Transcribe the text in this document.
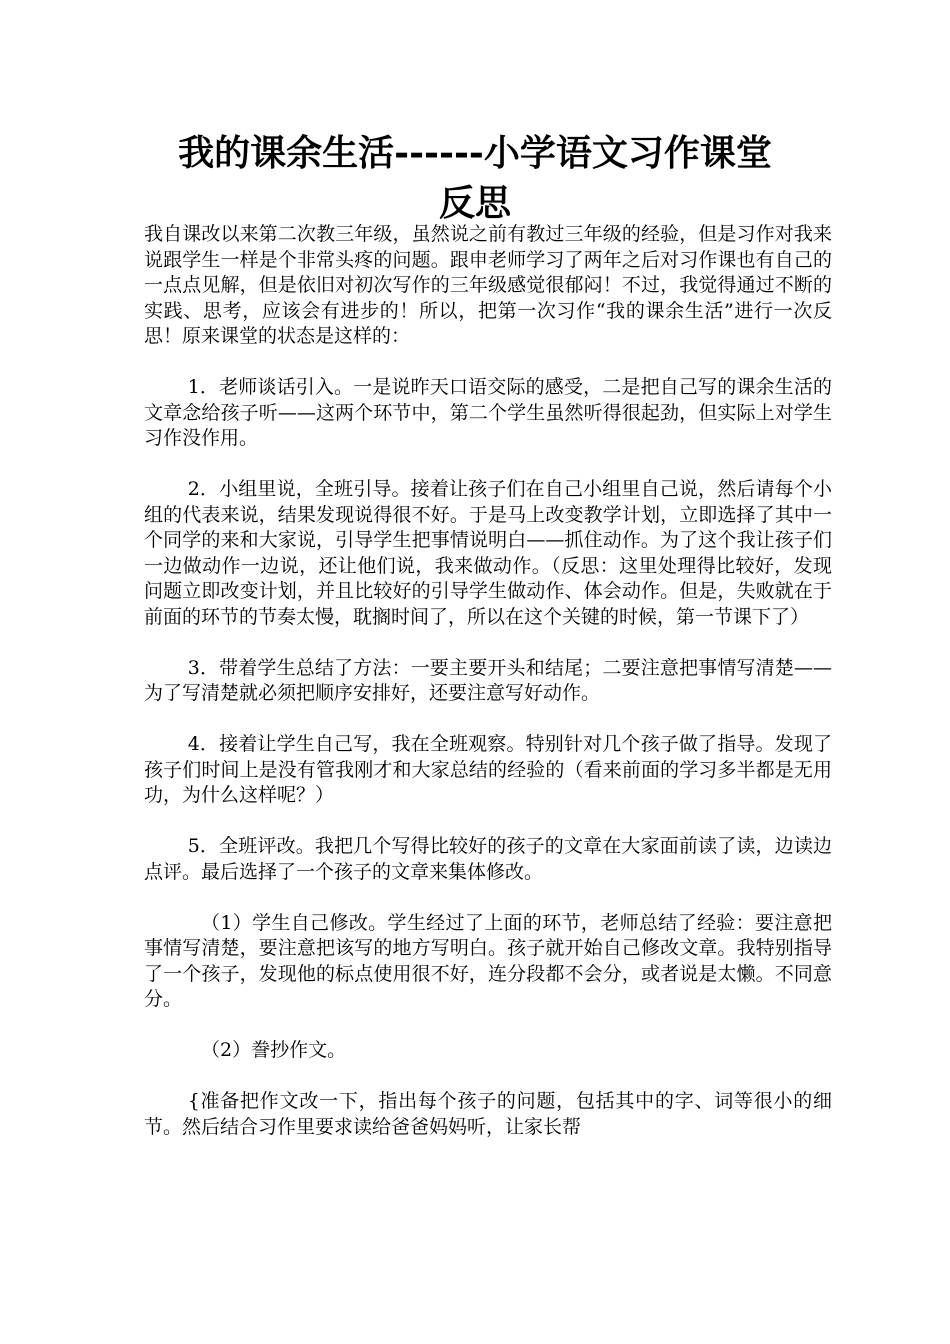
我的课余生活------小学语文习作课堂
反思

我自课改以来第二次教三年级，虽然说之前有教过三年级的经验，但是习作对我来说跟学生一样是个非常头疼的问题。跟申老师学习了两年之后对习作课也有自己的一点点见解，但是依旧对初次写作的三年级感觉很郁闷！不过，我觉得通过不断的实践、思考，应该会有进步的！所以，把第一次习作“我的课余生活”进行一次反思！原来课堂的状态是这样的：

1．老师谈话引入。一是说昨天口语交际的感受，二是把自己写的课余生活的文章念给孩子听——这两个环节中，第二个学生虽然听得很起劲，但实际上对学生习作没作用。

2．小组里说，全班引导。接着让孩子们在自己小组里自己说，然后请每个小组的代表来说，结果发现说得很不好。于是马上改变教学计划，立即选择了其中一个同学的来和大家说，引导学生把事情说明白——抓住动作。为了这个我让孩子们一边做动作一边说，还让他们说，我来做动作。（反思：这里处理得比较好，发现问题立即改变计划，并且比较好的引导学生做动作、体会动作。但是，失败就在于前面的环节的节奏太慢，耽搁时间了，所以在这个关键的时候，第一节课下了）

3．带着学生总结了方法：一要主要开头和结尾；二要注意把事情写清楚——为了写清楚就必须把顺序安排好，还要注意写好动作。

4．接着让学生自己写，我在全班观察。特别针对几个孩子做了指导。发现了孩子们时间上是没有管我刚才和大家总结的经验的（看来前面的学习多半都是无用功，为什么这样呢？）

5．全班评改。我把几个写得比较好的孩子的文章在大家面前读了读，边读边点评。最后选择了一个孩子的文章来集体修改。

（1）学生自己修改。学生经过了上面的环节，老师总结了经验：要注意把事情写清楚，要注意把该写的地方写明白。孩子就开始自己修改文章。我特别指导了一个孩子，发现他的标点使用很不好，连分段都不会分，或者说是太懒。不同意分。

（2）誊抄作文。

{准备把作文改一下，指出每个孩子的问题，包括其中的字、词等很小的细节。然后结合习作里要求读给爸爸妈妈听，让家长帮
